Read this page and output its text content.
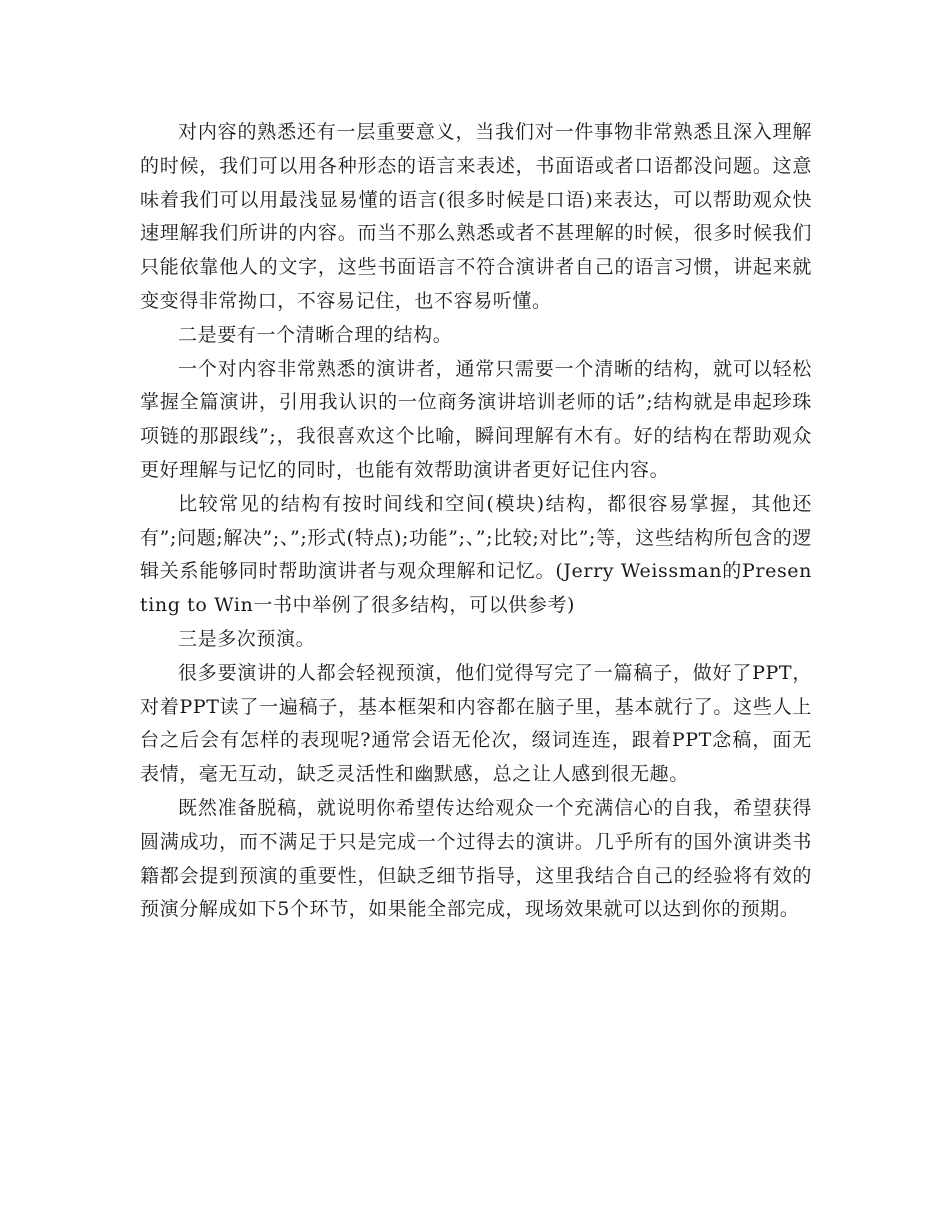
对内容的熟悉还有一层重要意义，当我们对一件事物非常熟悉且深入理解的时候，我们可以用各种形态的语言来表述，书面语或者口语都没问题。这意味着我们可以用最浅显易懂的语言(很多时候是口语)来表达，可以帮助观众快速理解我们所讲的内容。而当不那么熟悉或者不甚理解的时候，很多时候我们只能依靠他人的文字，这些书面语言不符合演讲者自己的语言习惯，讲起来就变变得非常拗口，不容易记住，也不容易听懂。

二是要有一个清晰合理的结构。

一个对内容非常熟悉的演讲者，通常只需要一个清晰的结构，就可以轻松掌握全篇演讲，引用我认识的一位商务演讲培训老师的话”;结构就是串起珍珠项链的那跟线”;，我很喜欢这个比喻，瞬间理解有木有。好的结构在帮助观众更好理解与记忆的同时，也能有效帮助演讲者更好记住内容。

比较常见的结构有按时间线和空间(模块)结构，都很容易掌握，其他还有”;问题;解决”;、”;形式(特点);功能”;、”;比较;对比”;等，这些结构所包含的逻辑关系能够同时帮助演讲者与观众理解和记忆。(Jerry Weissman的Presenting to Win一书中举例了很多结构，可以供参考)

三是多次预演。

很多要演讲的人都会轻视预演，他们觉得写完了一篇稿子，做好了PPT，对着PPT读了一遍稿子，基本框架和内容都在脑子里，基本就行了。这些人上台之后会有怎样的表现呢?通常会语无伦次，缀词连连，跟着PPT念稿，面无表情，毫无互动，缺乏灵活性和幽默感，总之让人感到很无趣。

既然准备脱稿，就说明你希望传达给观众一个充满信心的自我，希望获得圆满成功，而不满足于只是完成一个过得去的演讲。几乎所有的国外演讲类书籍都会提到预演的重要性，但缺乏细节指导，这里我结合自己的经验将有效的预演分解成如下5个环节，如果能全部完成，现场效果就可以达到你的预期。
